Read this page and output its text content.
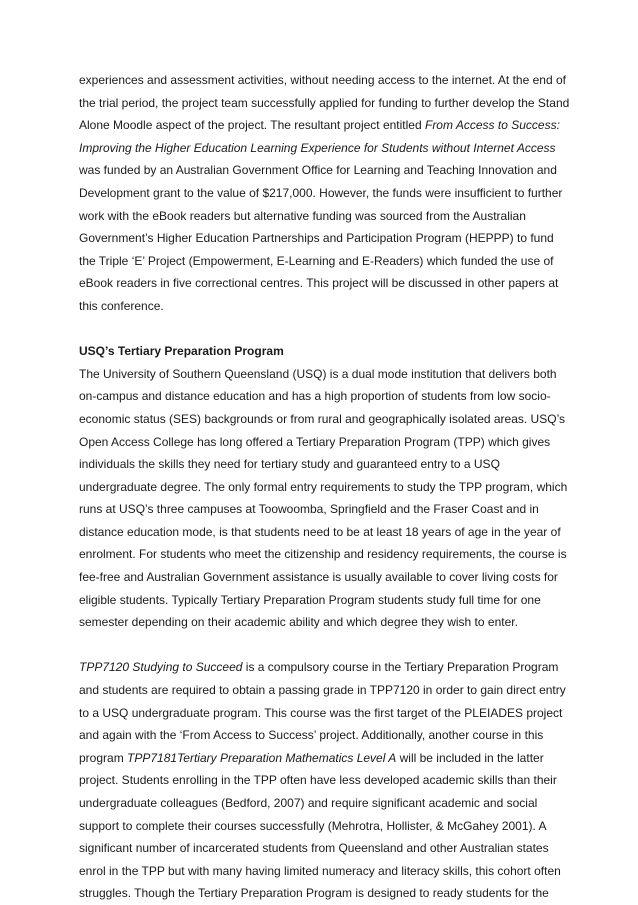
experiences and assessment activities, without needing access to the internet. At the end of
the trial period, the project team successfully applied for funding to further develop the Stand
Alone Moodle aspect of the project. The resultant project entitled From Access to Success:
Improving the Higher Education Learning Experience for Students without Internet Access
was funded by an Australian Government Office for Learning and Teaching Innovation and
Development grant to the value of $217,000. However, the funds were insufficient to further
work with the eBook readers but alternative funding was sourced from the Australian
Government’s Higher Education Partnerships and Participation Program (HEPPP) to fund
the Triple ‘E’ Project (Empowerment, E-Learning and E-Readers) which funded the use of
eBook readers in five correctional centres. This project will be discussed in other papers at
this conference.
USQ’s Tertiary Preparation Program
The University of Southern Queensland (USQ) is a dual mode institution that delivers both
on-campus and distance education and has a high proportion of students from low socio-
economic status (SES) backgrounds or from rural and geographically isolated areas. USQ’s
Open Access College has long offered a Tertiary Preparation Program (TPP) which gives
individuals the skills they need for tertiary study and guaranteed entry to a USQ
undergraduate degree. The only formal entry requirements to study the TPP program, which
runs at USQ’s three campuses at Toowoomba, Springfield and the Fraser Coast and in
distance education mode, is that students need to be at least 18 years of age in the year of
enrolment. For students who meet the citizenship and residency requirements, the course is
fee-free and Australian Government assistance is usually available to cover living costs for
eligible students. Typically Tertiary Preparation Program students study full time for one
semester depending on their academic ability and which degree they wish to enter.
TPP7120 Studying to Succeed is a compulsory course in the Tertiary Preparation Program
and students are required to obtain a passing grade in TPP7120 in order to gain direct entry
to a USQ undergraduate program. This course was the first target of the PLEIADES project
and again with the ‘From Access to Success’ project. Additionally, another course in this
program TPP7181Tertiary Preparation Mathematics Level A will be included in the latter
project. Students enrolling in the TPP often have less developed academic skills than their
undergraduate colleagues (Bedford, 2007) and require significant academic and social
support to complete their courses successfully (Mehrotra, Hollister, & McGahey 2001). A
significant number of incarcerated students from Queensland and other Australian states
enrol in the TPP but with many having limited numeracy and literacy skills, this cohort often
struggles. Though the Tertiary Preparation Program is designed to ready students for the
